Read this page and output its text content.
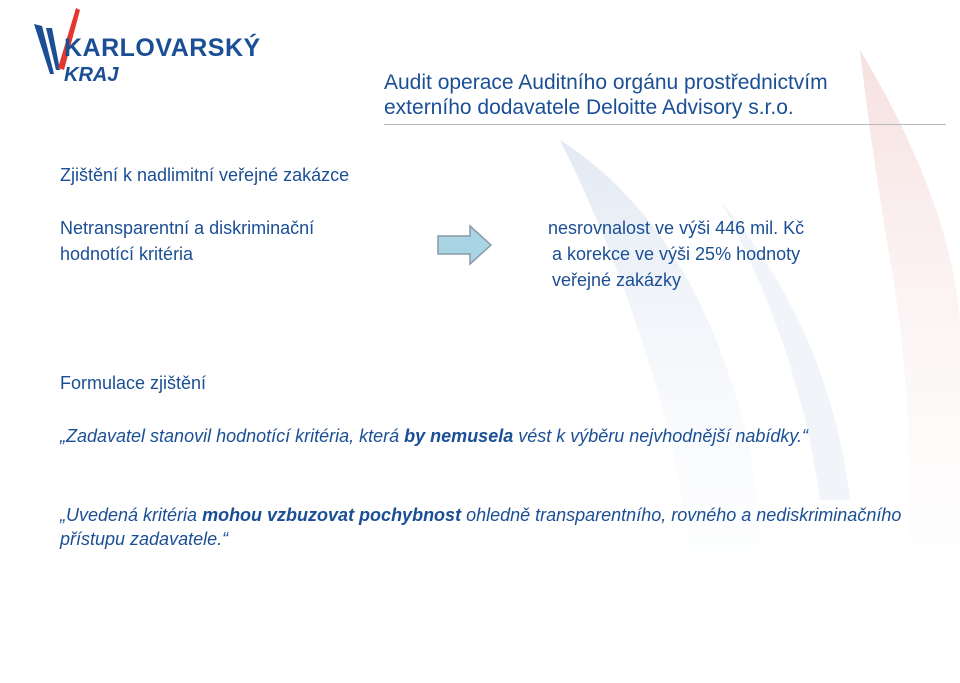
KARLOVARSKÝ
KRAJ	Audit operace Auditního orgánu prostřednictvím
externího dodavatele Deloitte Advisory s.r.o.
Zjištění k nadlimitní veřejné zakázce
Netransparentní a diskriminační
hodnotící kritéria
nesrovnalost ve výši 446 mil. Kč
a korekce ve výši 25% hodnoty
veřejné zakázky
Formulace zjištění
„Zadavatel stanovil hodnotící kritéria, která by nemusela vést k výběru nejvhodnější nabídky.“
„Uvedená kritéria mohou vzbuzovat pochybnost ohledně transparentního, rovného a nediskriminačního přístupu zadavatele.“
